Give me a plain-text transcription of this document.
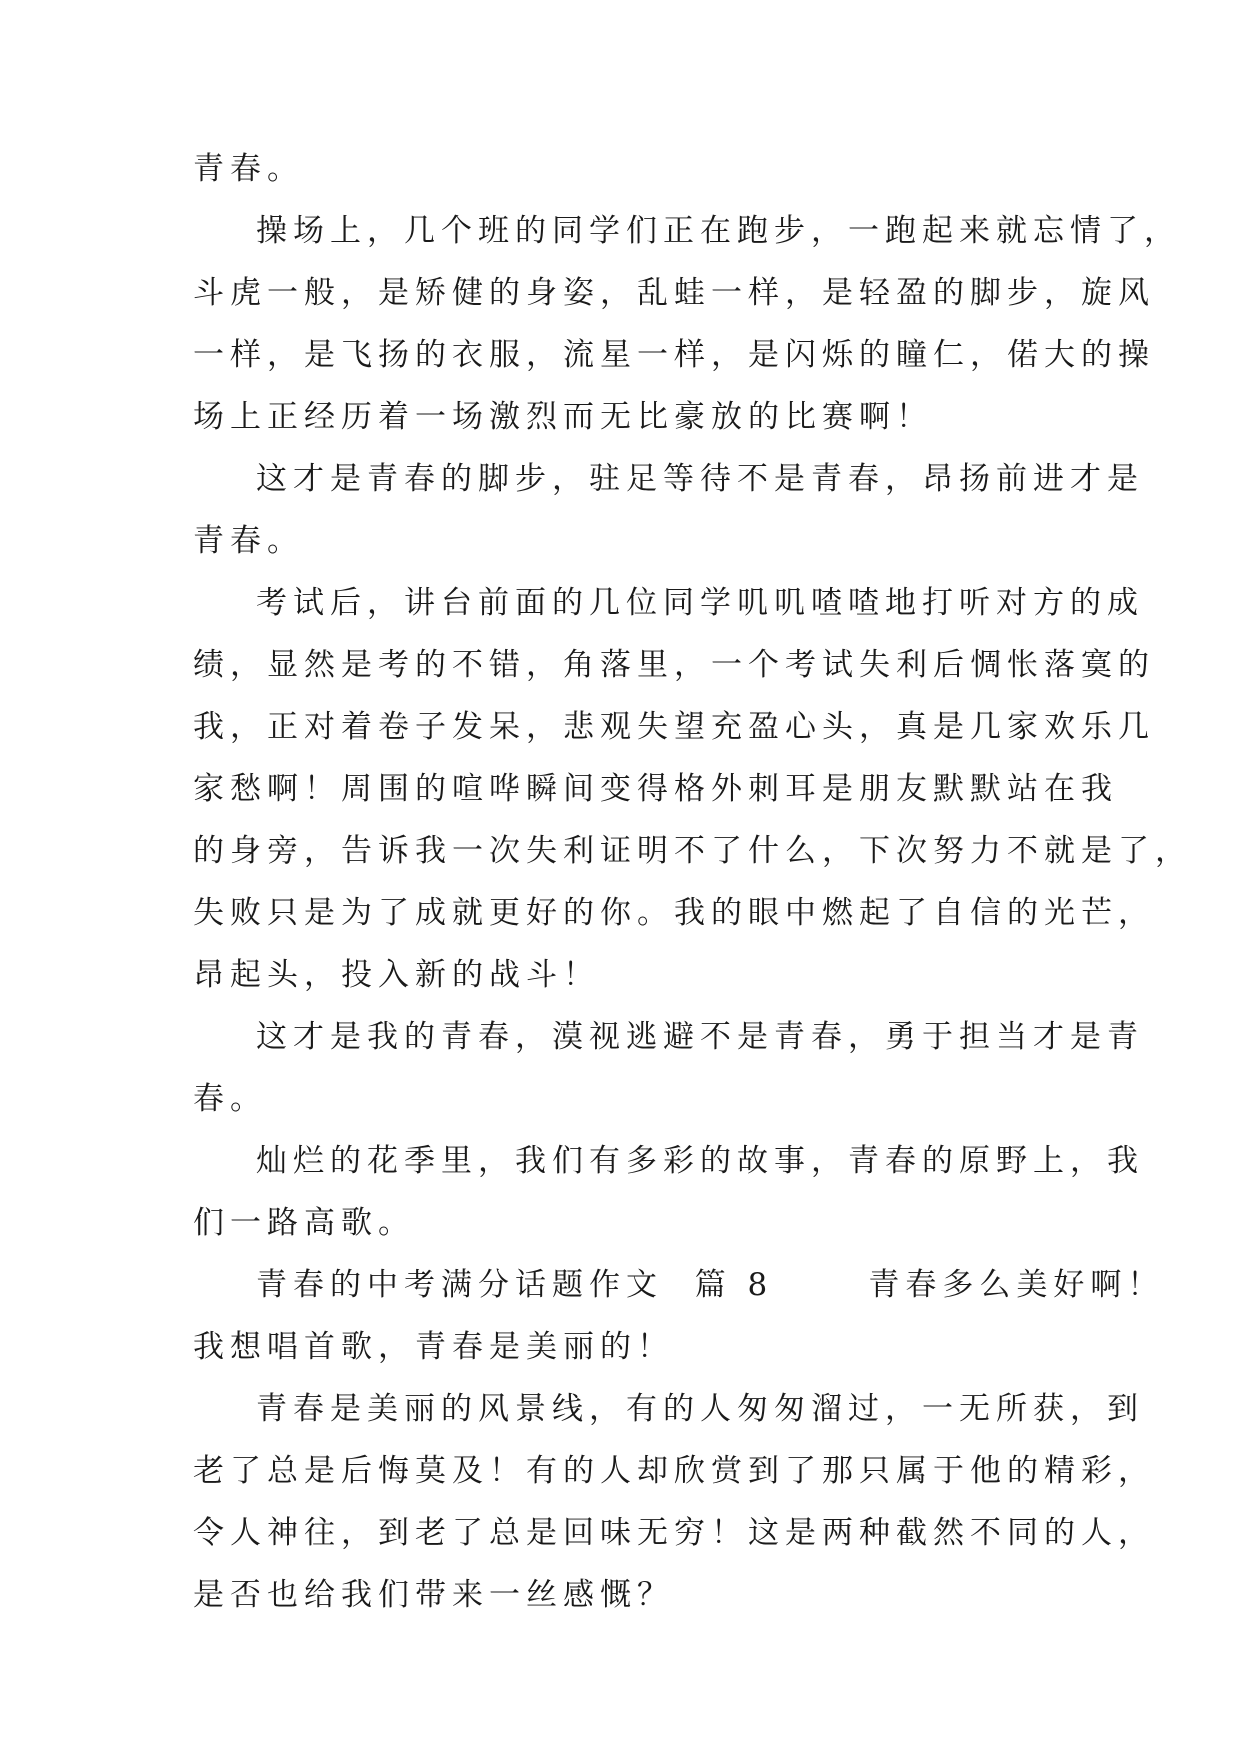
青春。
操场上，几个班的同学们正在跑步，一跑起来就忘情了，
斗虎一般，是矫健的身姿，乱蛙一样，是轻盈的脚步，旋风
一样，是飞扬的衣服，流星一样，是闪烁的瞳仁，偌大的操
场上正经历着一场激烈而无比豪放的比赛啊！
这才是青春的脚步，驻足等待不是青春，昂扬前进才是
青春。
考试后，讲台前面的几位同学叽叽喳喳地打听对方的成
绩，显然是考的不错，角落里，一个考试失利后惆怅落寞的
我，正对着卷子发呆，悲观失望充盈心头，真是几家欢乐几
家愁啊！周围的喧哗瞬间变得格外刺耳是朋友默默站在我
的身旁，告诉我一次失利证明不了什么，下次努力不就是了，
失败只是为了成就更好的你。我的眼中燃起了自信的光芒，
昂起头，投入新的战斗！
这才是我的青春，漠视逃避不是青春，勇于担当才是青
春。
灿烂的花季里，我们有多彩的故事，青春的原野上，我
们一路高歌。
青春的中考满分话题作文  篇 8      青春多么美好啊！
我想唱首歌，青春是美丽的！
青春是美丽的风景线，有的人匆匆溜过，一无所获，到
老了总是后悔莫及！有的人却欣赏到了那只属于他的精彩，
令人神往，到老了总是回味无穷！这是两种截然不同的人，
是否也给我们带来一丝感慨？
